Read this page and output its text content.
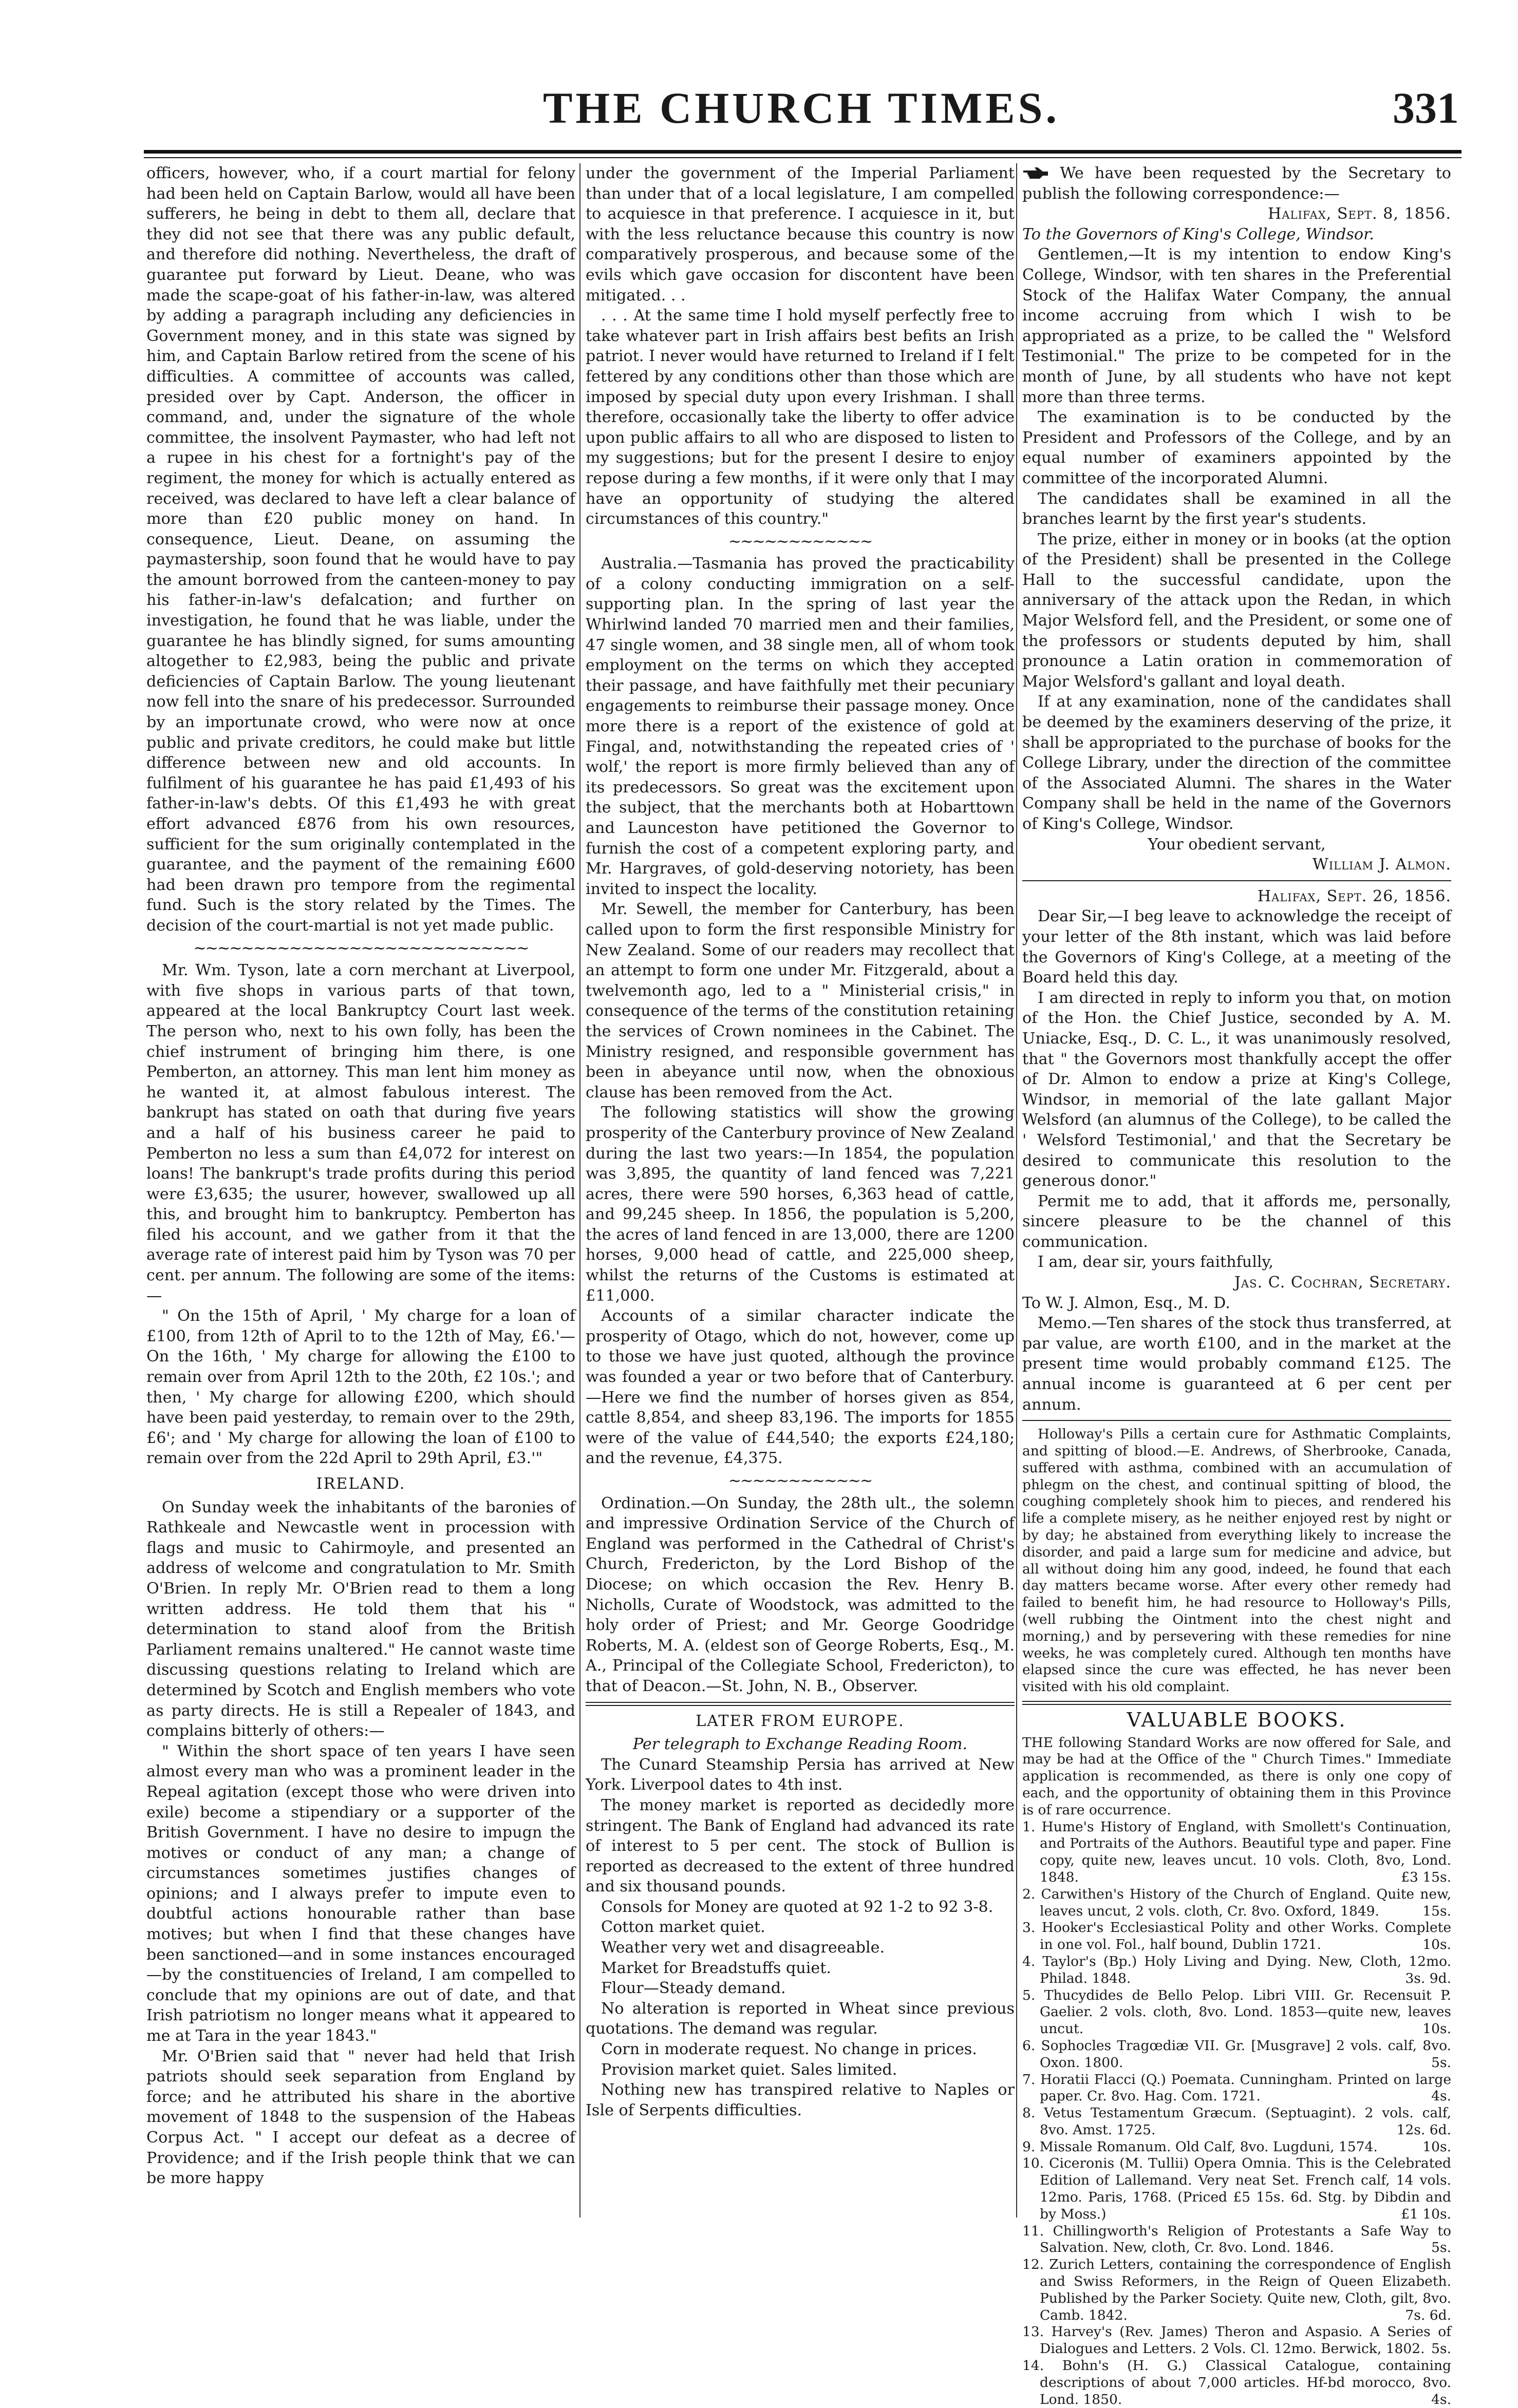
THE CHURCH TIMES.	331

officers, however, who, if a court martial for felony had been held on Captain Barlow, would all have been sufferers, he being in debt to them all, declare that they did not see that there was any public default, and therefore did nothing. Nevertheless, the draft of guarantee put forward by Lieut. Deane, who was made the scape-goat of his father-in-law, was altered by adding a paragraph including any deficiencies in Government money, and in this state was signed by him, and Captain Barlow retired from the scene of his difficulties. A committee of accounts was called, presided over by Capt. Anderson, the officer in command, and, under the signature of the whole committee, the insolvent Paymaster, who had left not a rupee in his chest for a fortnight's pay of the regiment, the money for which is actually entered as received, was declared to have left a clear balance of more than £20 public money on hand. In consequence, Lieut. Deane, on assuming the paymastership, soon found that he would have to pay the amount borrowed from the canteen-money to pay his father-in-law's defalcation; and further on investigation, he found that he was liable, under the guarantee he has blindly signed, for sums amounting altogether to £2,983, being the public and private deficiencies of Captain Barlow. The young lieutenant now fell into the snare of his predecessor. Surrounded by an importunate crowd, who were now at once public and private creditors, he could make but little difference between new and old accounts. In fulfilment of his guarantee he has paid £1,493 of his father-in-law's debts. Of this £1,493 he with great effort advanced £876 from his own resources, sufficient for the sum originally contemplated in the guarantee, and the payment of the remaining £600 had been drawn pro tempore from the regimental fund. Such is the story related by the Times. The decision of the court-martial is not yet made public.

~~~~~~~~~~~~~~~~~~~~~~~~~~~~

Mr. Wm. Tyson, late a corn merchant at Liverpool, with five shops in various parts of that town, appeared at the local Bankruptcy Court last week. The person who, next to his own folly, has been the chief instrument of bringing him there, is one Pemberton, an attorney. This man lent him money as he wanted it, at almost fabulous interest. The bankrupt has stated on oath that during five years and a half of his business career he paid to Pemberton no less a sum than £4,072 for interest on loans! The bankrupt's trade profits during this period were £3,635; the usurer, however, swallowed up all this, and brought him to bankruptcy. Pemberton has filed his account, and we gather from it that the average rate of interest paid him by Tyson was 70 per cent. per annum. The following are some of the items:—

" On the 15th of April, ' My charge for a loan of £100, from 12th of April to to the 12th of May, £6.'—On the 16th, ' My charge for allowing the £100 to remain over from April 12th to the 20th, £2 10s.'; and then, ' My charge for allowing £200, which should have been paid yesterday, to remain over to the 29th, £6'; and ' My charge for allowing the loan of £100 to remain over from the 22d April to 29th April, £3.'"

IRELAND.

On Sunday week the inhabitants of the baronies of Rathkeale and Newcastle went in procession with flags and music to Cahirmoyle, and presented an address of welcome and congratulation to Mr. Smith O'Brien. In reply Mr. O'Brien read to them a long written address. He told them that his " determination to stand aloof from the British Parliament remains unaltered." He cannot waste time discussing questions relating to Ireland which are determined by Scotch and English members who vote as party directs. He is still a Repealer of 1843, and complains bitterly of others:—

" Within the short space of ten years I have seen almost every man who was a prominent leader in the Repeal agitation (except those who were driven into exile) become a stipendiary or a supporter of the British Government. I have no desire to impugn the motives or conduct of any man; a change of circumstances sometimes justifies changes of opinions; and I always prefer to impute even to doubtful actions honourable rather than base motives; but when I find that these changes have been sanctioned—and in some instances encouraged—by the constituencies of Ireland, I am compelled to conclude that my opinions are out of date, and that Irish patriotism no longer means what it appeared to me at Tara in the year 1843."

Mr. O'Brien said that " never had held that Irish patriots should seek separation from England by force; and he attributed his share in the abortive movement of 1848 to the suspension of the Habeas Corpus Act. " I accept our defeat as a decree of Providence; and if the Irish people think that we can be more happy

under the government of the Imperial Parliament than under that of a local legislature, I am compelled to acquiesce in that preference. I acquiesce in it, but with the less reluctance because this country is now comparatively prosperous, and because some of the evils which gave occasion for discontent have been mitigated. . .

. . . At the same time I hold myself perfectly free to take whatever part in Irish affairs best befits an Irish patriot. I never would have returned to Ireland if I felt fettered by any conditions other than those which are imposed by special duty upon every Irishman. I shall therefore, occasionally take the liberty to offer advice upon public affairs to all who are disposed to listen to my suggestions; but for the present I desire to enjoy repose during a few months, if it were only that I may have an opportunity of studying the altered circumstances of this country."

~~~~~~~~~~~~

Australia.—Tasmania has proved the practicability of a colony conducting immigration on a self-supporting plan. In the spring of last year the Whirlwind landed 70 married men and their families, 47 single women, and 38 single men, all of whom took employment on the terms on which they accepted their passage, and have faithfully met their pecuniary engagements to reimburse their passage money. Once more there is a report of the existence of gold at Fingal, and, notwithstanding the repeated cries of ' wolf,' the report is more firmly believed than any of its predecessors. So great was the excitement upon the subject, that the merchants both at Hobarttown and Launceston have petitioned the Governor to furnish the cost of a competent exploring party, and Mr. Hargraves, of gold-deserving notoriety, has been invited to inspect the locality.

Mr. Sewell, the member for Canterbury, has been called upon to form the first responsible Ministry for New Zealand. Some of our readers may recollect that an attempt to form one under Mr. Fitzgerald, about a twelvemonth ago, led to a " Ministerial crisis," in consequence of the terms of the constitution retaining the services of Crown nominees in the Cabinet. The Ministry resigned, and responsible government has been in abeyance until now, when the obnoxious clause has been removed from the Act.

The following statistics will show the growing prosperity of the Canterbury province of New Zealand during the last two years:—In 1854, the population was 3,895, the quantity of land fenced was 7,221 acres, there were 590 horses, 6,363 head of cattle, and 99,245 sheep. In 1856, the population is 5,200, the acres of land fenced in are 13,000, there are 1200 horses, 9,000 head of cattle, and 225,000 sheep, whilst the returns of the Customs is estimated at £11,000.

Accounts of a similar character indicate the prosperity of Otago, which do not, however, come up to those we have just quoted, although the province was founded a year or two before that of Canterbury.—Here we find the number of horses given as 854, cattle 8,854, and sheep 83,196. The imports for 1855 were of the value of £44,540; the exports £24,180; and the revenue, £4,375.

~~~~~~~~~~~~

Ordination.—On Sunday, the 28th ult., the solemn and impressive Ordination Service of the Church of England was performed in the Cathedral of Christ's Church, Fredericton, by the Lord Bishop of the Diocese; on which occasion the Rev. Henry B. Nicholls, Curate of Woodstock, was admitted to the holy order of Priest; and Mr. George Goodridge Roberts, M. A. (eldest son of George Roberts, Esq., M. A., Principal of the Collegiate School, Fredericton), to that of Deacon.—St. John, N. B., Observer.

LATER FROM EUROPE.

Per telegraph to Exchange Reading Room.

The Cunard Steamship Persia has arrived at New York. Liverpool dates to 4th inst.

The money market is reported as decidedly more stringent. The Bank of England had advanced its rate of interest to 5 per cent. The stock of Bullion is reported as decreased to the extent of three hundred and six thousand pounds.

Consols for Money are quoted at 92 1-2 to 92 3-8.

Cotton market quiet.

Weather very wet and disagreeable.

Market for Breadstuffs quiet.

Flour—Steady demand.

No alteration is reported in Wheat since previous quotations. The demand was regular.

Corn in moderate request. No change in prices.

Provision market quiet. Sales limited.

Nothing new has transpired relative to Naples or Isle of Serpents difficulties.

We have been requested by the Secretary to publish the following correspondence:—

Halifax, Sept. 8, 1856.

To the Governors of King's College, Windsor.

Gentlemen,—It is my intention to endow King's College, Windsor, with ten shares in the Preferential Stock of the Halifax Water Company, the annual income accruing from which I wish to be appropriated as a prize, to be called the " Welsford Testimonial." The prize to be competed for in the month of June, by all students who have not kept more than three terms.

The examination is to be conducted by the President and Professors of the College, and by an equal number of examiners appointed by the committee of the incorporated Alumni.

The candidates shall be examined in all the branches learnt by the first year's students.

The prize, either in money or in books (at the option of the President) shall be presented in the College Hall to the successful candidate, upon the anniversary of the attack upon the Redan, in which Major Welsford fell, and the President, or some one of the professors or students deputed by him, shall pronounce a Latin oration in commemoration of Major Welsford's gallant and loyal death.

If at any examination, none of the candidates shall be deemed by the examiners deserving of the prize, it shall be appropriated to the purchase of books for the College Library, under the direction of the committee of the Associated Alumni. The shares in the Water Company shall be held in the name of the Governors of King's College, Windsor.

Your obedient servant,

William J. Almon.

Halifax, Sept. 26, 1856.

Dear Sir,—I beg leave to acknowledge the receipt of your letter of the 8th instant, which was laid before the Governors of King's College, at a meeting of the Board held this day.

I am directed in reply to inform you that, on motion of the Hon. the Chief Justice, seconded by A. M. Uniacke, Esq., D. C. L., it was unanimously resolved, that " the Governors most thankfully accept the offer of Dr. Almon to endow a prize at King's College, Windsor, in memorial of the late gallant Major Welsford (an alumnus of the College), to be called the ' Welsford Testimonial,' and that the Secretary be desired to communicate this resolution to the generous donor."

Permit me to add, that it affords me, personally, sincere pleasure to be the channel of this communication.

I am, dear sir, yours faithfully,

Jas. C. Cochran, Secretary.

To W. J. Almon, Esq., M. D.

Memo.—Ten shares of the stock thus transferred, at par value, are worth £100, and in the market at the present time would probably command £125. The annual income is guaranteed at 6 per cent per annum.

Holloway's Pills a certain cure for Asthmatic Complaints, and spitting of blood.—E. Andrews, of Sherbrooke, Canada, suffered with asthma, combined with an accumulation of phlegm on the chest, and continual spitting of blood, the coughing completely shook him to pieces, and rendered his life a complete misery, as he neither enjoyed rest by night or by day; he abstained from everything likely to increase the disorder, and paid a large sum for medicine and advice, but all without doing him any good, indeed, he found that each day matters became worse. After every other remedy had failed to benefit him, he had resource to Holloway's Pills, (well rubbing the Ointment into the chest night and morning,) and by persevering with these remedies for nine weeks, he was completely cured. Although ten months have elapsed since the cure was effected, he has never been visited with his old complaint.

VALUABLE BOOKS.

THE following Standard Works are now offered for Sale, and may be had at the Office of the " Church Times." Immediate application is recommended, as there is only one copy of each, and the opportunity of obtaining them in this Province is of rare occurrence.

1. Hume's History of England, with Smollett's Continuation, and Portraits of the Authors. Beautiful type and paper. Fine copy, quite new, leaves uncut. 10 vols. Cloth, 8vo, Lond. 1848.	£3 15s.

2. Carwithen's History of the Church of England. Quite new, leaves uncut, 2 vols. cloth, Cr. 8vo. Oxford, 1849.	15s.

3. Hooker's Ecclesiastical Polity and other Works. Complete in one vol. Fol., half bound, Dublin 1721.	10s.

4. Taylor's (Bp.) Holy Living and Dying. New, Cloth, 12mo. Philad. 1848.	3s. 9d.

5. Thucydides de Bello Pelop. Libri VIII. Gr. Recensuit P. Gaelier. 2 vols. cloth, 8vo. Lond. 1853—quite new, leaves uncut.	10s.

6. Sophocles Tragœdiæ VII. Gr. [Musgrave] 2 vols. calf, 8vo. Oxon. 1800.	5s.

7. Horatii Flacci (Q.) Poemata. Cunningham. Printed on large paper. Cr. 8vo. Hag. Com. 1721.	4s.

8. Vetus Testamentum Græcum. (Septuagint). 2 vols. calf, 8vo. Amst. 1725.	12s. 6d.

9. Missale Romanum. Old Calf, 8vo. Lugduni, 1574.	10s.

10. Ciceronis (M. Tullii) Opera Omnia. This is the Celebrated Edition of Lallemand. Very neat Set. French calf, 14 vols. 12mo. Paris, 1768. (Priced £5 15s. 6d. Stg. by Dibdin and by Moss.)	£1 10s.

11. Chillingworth's Religion of Protestants a Safe Way to Salvation. New, cloth, Cr. 8vo. Lond. 1846.	5s.

12. Zurich Letters, containing the correspondence of English and Swiss Reformers, in the Reign of Queen Elizabeth. Published by the Parker Society. Quite new, Cloth, gilt, 8vo. Camb. 1842.	7s. 6d.

13. Harvey's (Rev. James) Theron and Aspasio. A Series of Dialogues and Letters. 2 Vols. Cl. 12mo. Berwick, 1802. 5s.

14. Bohn's (H. G.) Classical Catalogue, containing descriptions of about 7,000 articles. Hf-bd morocco, 8vo. Lond. 1850.	4s.
